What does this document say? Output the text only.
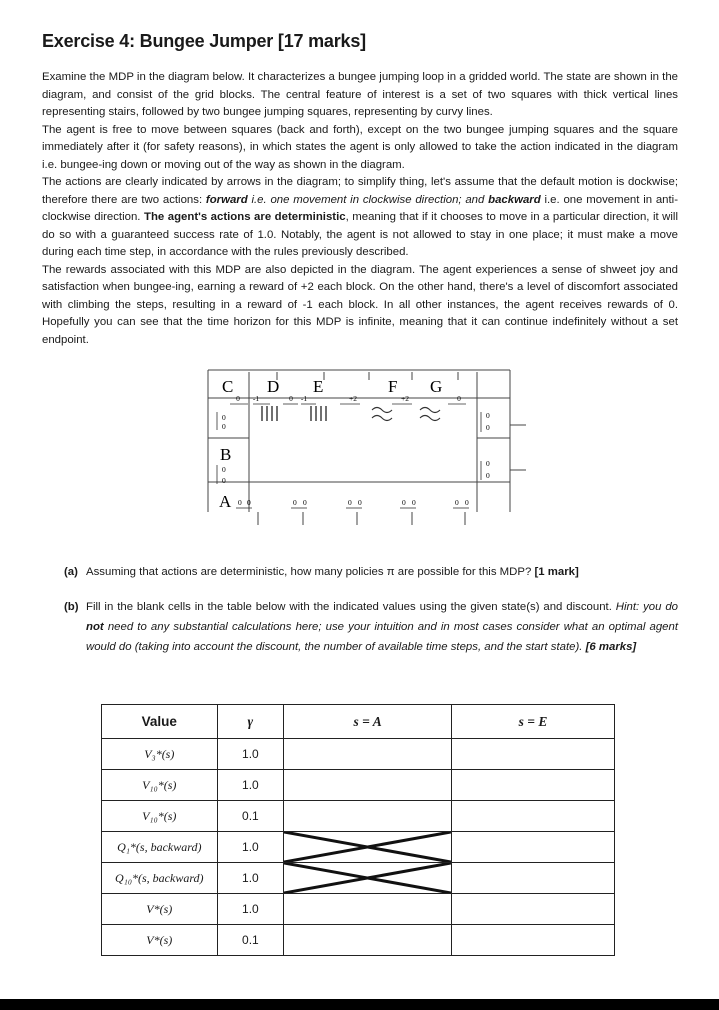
Exercise 4: Bungee Jumper [17 marks]

Examine the MDP in the diagram below. It characterizes a bungee jumping loop in a gridded world. The state are shown in the diagram, and consist of the grid blocks. The central feature of interest is a set of two squares with thick vertical lines representing stairs, followed by two bungee jumping squares, representing by curvy lines.

The agent is free to move between squares (back and forth), except on the two bungee jumping squares and the square immediately after it (for safety reasons), in which states the agent is only allowed to take the action indicated in the diagram i.e. bungee-ing down or moving out of the way as shown in the diagram.

The actions are clearly indicated by arrows in the diagram; to simplify thing, let's assume that the default motion is dockwise; therefore there are two actions: forward i.e. one movement in clockwise direction; and backward i.e. one movement in anti-clockwise direction. The agent's actions are deterministic, meaning that if it chooses to move in a particular direction, it will do so with a guaranteed success rate of 1.0. Notably, the agent is not allowed to stay in one place; it must make a move during each time step, in accordance with the rules previously described.

The rewards associated with this MDP are also depicted in the diagram. The agent experiences a sense of shweet joy and satisfaction when bungee-ing, earning a reward of +2 each block. On the other hand, there's a level of discomfort associated with climbing the steps, resulting in a reward of -1 each block. In all other instances, the agent receives rewards of 0. Hopefully you can see that the time horizon for this MDP is infinite, meaning that it can continue indefinitely without a set endpoint.

C D E	F G
B
A
0 -1	0 -1	+2	+2	0
0
0
0
0
0
0
0
0
0 0	0 0	0 0	0 0	0 0
(a) Assuming that actions are deterministic, how many policies π are possible for this MDP? [1 mark]
(b) Fill in the blank cells in the table below with the indicated values using the given state(s) and discount. Hint: you do not need to any substantial calculations here; use your intuition and in most cases consider what an optimal agent would do (taking into account the discount, the number of available time steps, and the start state). [6 marks]
Value	γ	s = A	s = E
V₃*(s)	1.0		
V₁₀*(s)	1.0		
V₁₀*(s)	0.1		
Q₁*(s, backward)	1.0	

Q₁₀*(s, backward)	1.0	

V*(s)	1.0		
V*(s)	0.1		
